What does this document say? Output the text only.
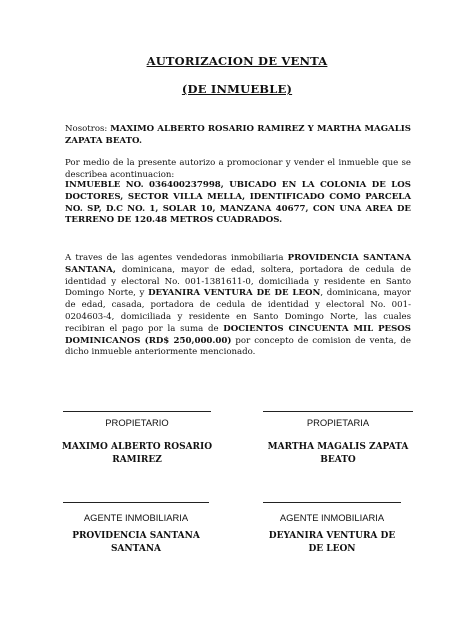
AUTORIZACION DE VENTA
(DE INMUEBLE)
Nosotros: MAXIMO ALBERTO ROSARIO RAMIREZ Y MARTHA MAGALIS ZAPATA BEATO.
Por medio de la presente autorizo a promocionar y vender el inmueble que se describea acontinuacion:
INMUEBLE NO. 036400237998, UBICADO EN LA COLONIA DE LOS DOCTORES, SECTOR VILLA MELLA, IDENTIFICADO COMO PARCELA NO. SP, D.C NO. 1, SOLAR 10, MANZANA 40677, CON UNA AREA DE TERRENO DE 120.48 METROS CUADRADOS.
A traves de las agentes vendedoras inmobiliaria PROVIDENCIA SANTANA SANTANA, dominicana, mayor de edad, soltera, portadora de cedula de identidad y electoral No. 001-1381611-0, domiciliada y residente en Santo Domingo Norte, y DEYANIRA VENTURA DE DE LEON, dominicana, mayor de edad, casada, portadora de cedula de identidad y electoral No. 001-0204603-4, domiciliada y residente en Santo Domingo Norte, las cuales recibiran el pago por la suma de DOCIENTOS CINCUENTA MIL PESOS DOMINICANOS (RD$ 250,000.00) por concepto de comision de venta, de dicho inmueble anteriormente mencionado.
PROPIETARIO
MAXIMO ALBERTO ROSARIO
RAMIREZ
PROPIETARIA
MARTHA MAGALIS ZAPATA
BEATO
AGENTE INMOBILIARIA
PROVIDENCIA SANTANA
SANTANA
AGENTE INMOBILIARIA
DEYANIRA VENTURA DE
DE LEON
